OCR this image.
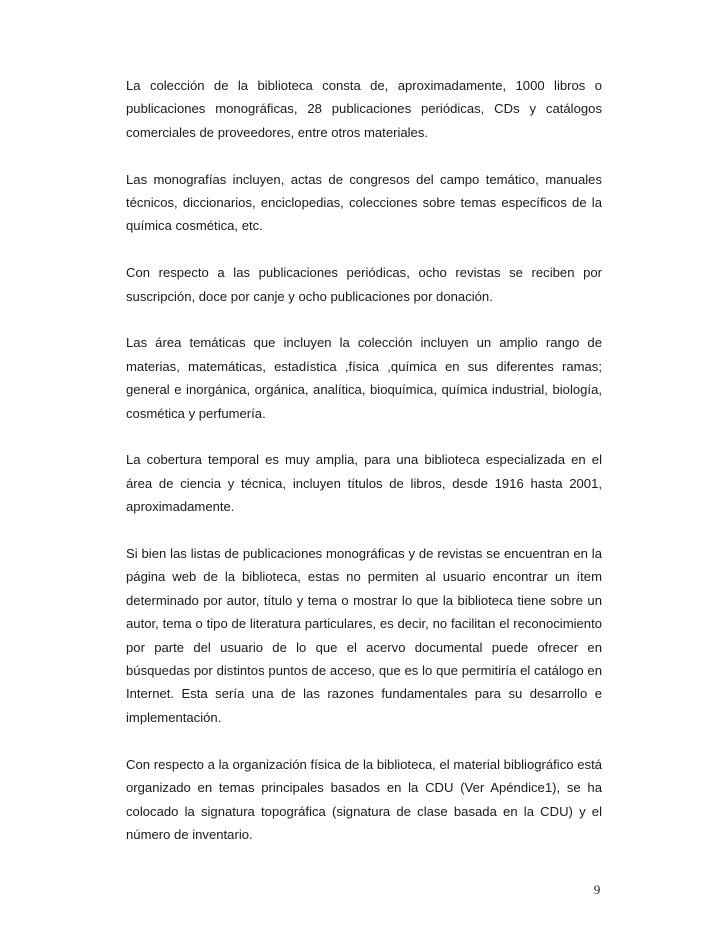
La colección de la biblioteca consta de, aproximadamente, 1000 libros o publicaciones monográficas, 28 publicaciones periódicas, CDs y catálogos comerciales de proveedores, entre otros materiales.

Las monografías incluyen, actas de congresos del campo temático, manuales técnicos, diccionarios, enciclopedias, colecciones sobre temas específicos de la química cosmética, etc.

Con respecto a las publicaciones periódicas, ocho revistas se reciben por suscripción, doce por canje y ocho publicaciones por donación.

Las área temáticas que incluyen la colección incluyen un amplio rango de materias, matemáticas, estadística ,física ,química en sus diferentes ramas; general e inorgánica, orgánica, analítica, bioquímica, química industrial, biología, cosmética y perfumería.

La cobertura temporal es muy amplia, para una biblioteca especializada en el área de ciencia y técnica, incluyen títulos de libros, desde 1916 hasta 2001, aproximadamente.

Si bien las listas de publicaciones monográficas y de revistas se encuentran en la página web de la biblioteca, estas no permiten al usuario encontrar un ítem determinado por autor, título y tema o mostrar lo que la biblioteca tiene sobre un autor, tema o tipo de literatura particulares, es decir, no facilitan el reconocimiento por parte del usuario de lo que el acervo documental puede ofrecer en búsquedas por distintos puntos de acceso, que es lo que permitiría el catálogo en Internet. Esta sería una de las razones fundamentales para su desarrollo e implementación.

Con respecto a la organización física de la biblioteca, el material bibliográfico está organizado en temas principales basados en la CDU (Ver Apéndice1), se ha colocado la signatura topográfica (signatura de clase basada en la CDU) y el número de inventario.

9
